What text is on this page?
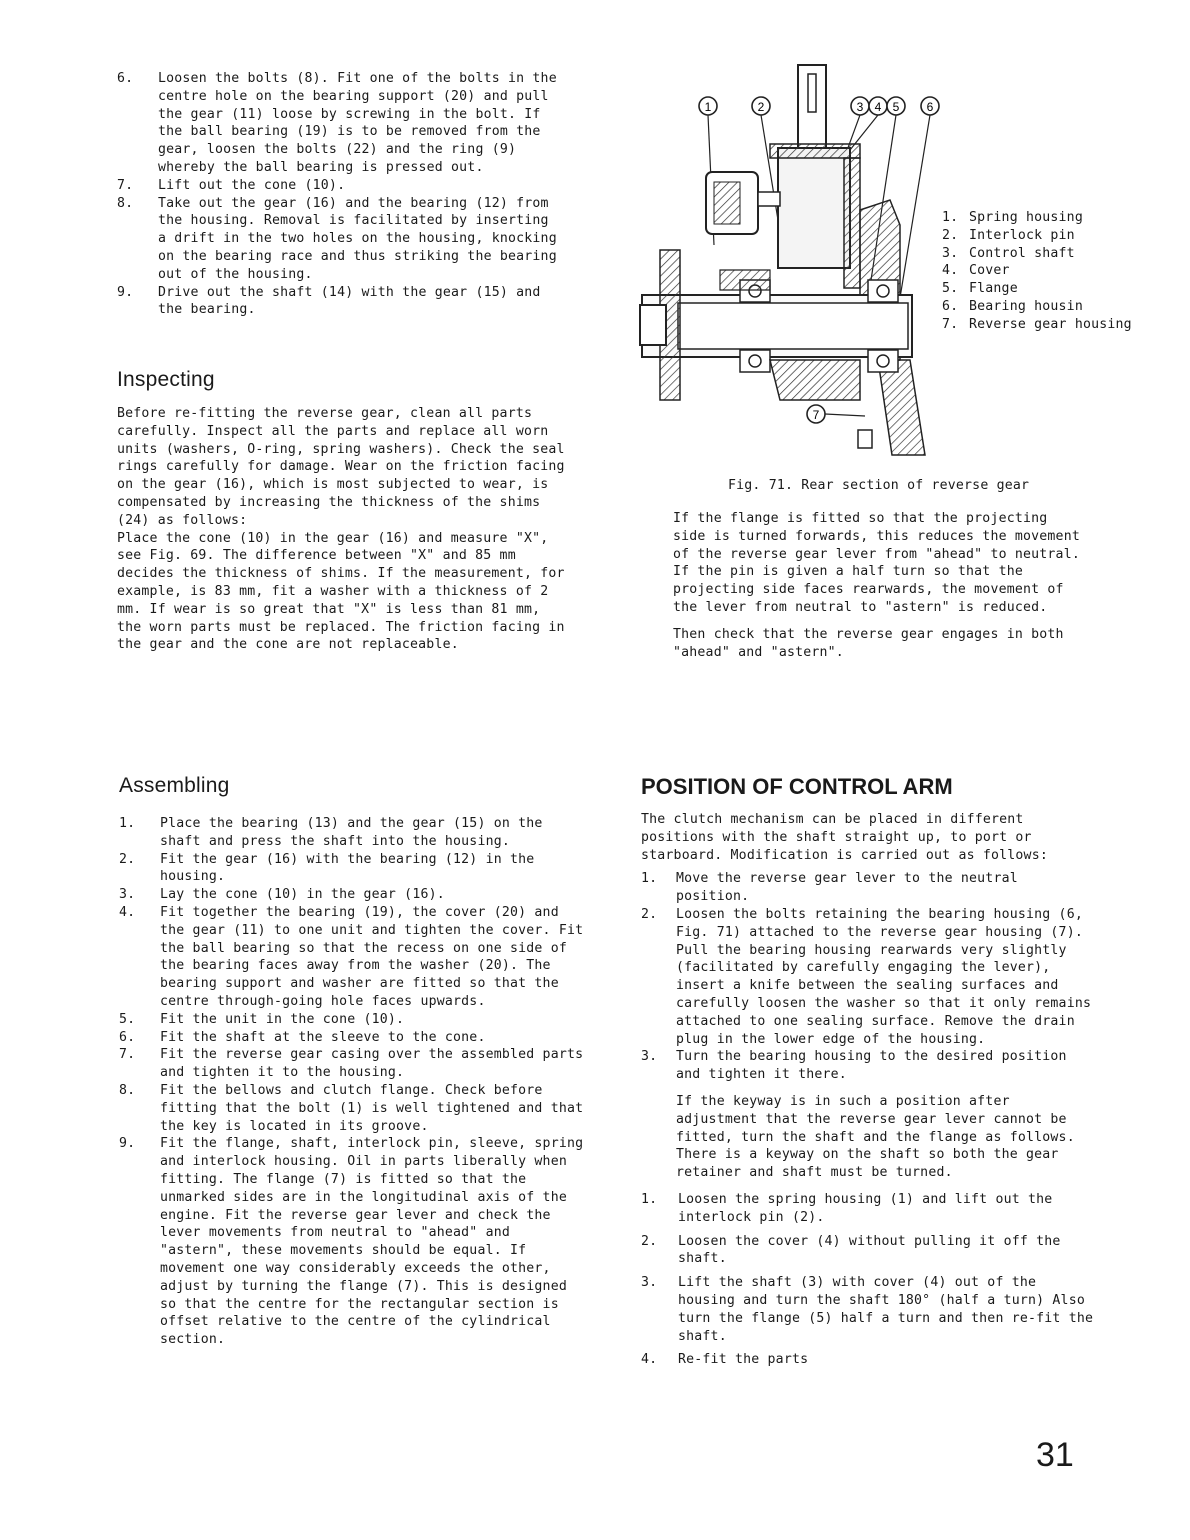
6. Loosen the bolts (8). Fit one of the bolts in the centre hole on the bearing support (20) and pull the gear (11) loose by screwing in the bolt. If the ball bearing (19) is to be removed from the gear, loosen the bolts (22) and the ring (9) whereby the ball bearing is pressed out.
7. Lift out the cone (10).
8. Take out the gear (16) and the bearing (12) from the housing. Removal is facilitated by inserting a drift in the two holes on the housing, knocking on the bearing race and thus striking the bearing out of the housing.
9. Drive out the shaft (14) with the gear (15) and the bearing.
Inspecting

Before re-fitting the reverse gear, clean all parts carefully. Inspect all the parts and replace all worn units (washers, O-ring, spring washers). Check the seal rings carefully for damage. Wear on the friction facing on the gear (16), which is most subjected to wear, is compensated by increasing the thickness of the shims (24) as follows:

Place the cone (10) in the gear (16) and measure "X", see Fig. 69. The difference between "X" and 85 mm decides the thickness of shims. If the measurement, for example, is 83 mm, fit a washer with a thickness of 2 mm. If wear is so great that "X" is less than 81 mm, the worn parts must be replaced. The friction facing in the gear and the cone are not replaceable.

1	2	3 4 5 6
7
1. Spring housing
2. Interlock pin
3. Control shaft
4. Cover
5. Flange
6. Bearing housin
7. Reverse gear housing
Fig. 71. Rear section of reverse gear

If the flange is fitted so that the projecting side is turned forwards, this reduces the movement of the reverse gear lever from "ahead" to neutral. If the pin is given a half turn so that the projecting side faces rearwards, the movement of the lever from neutral to "astern" is reduced.

Then check that the reverse gear engages in both "ahead" and "astern".

Assembling
1. Place the bearing (13) and the gear (15) on the shaft and press the shaft into the housing.
2. Fit the gear (16) with the bearing (12) in the housing.
3. Lay the cone (10) in the gear (16).
4. Fit together the bearing (19), the cover (20) and the gear (11) to one unit and tighten the cover. Fit the ball bearing so that the recess on one side of the bearing faces away from the washer (20). The bearing support and washer are fitted so that the centre through-going hole faces upwards.
5. Fit the unit in the cone (10).
6. Fit the shaft at the sleeve to the cone.
7. Fit the reverse gear casing over the assembled parts and tighten it to the housing.
8. Fit the bellows and clutch flange. Check before fitting that the bolt (1) is well tightened and that the key is located in its groove.
9. Fit the flange, shaft, interlock pin, sleeve, spring and interlock housing. Oil in parts liberally when fitting. The flange (7) is fitted so that the unmarked sides are in the longitudinal axis of the engine. Fit the reverse gear lever and check the lever movements from neutral to "ahead" and "astern", these movements should be equal. If movement one way considerably exceeds the other, adjust by turning the flange (7). This is designed so that the centre for the rectangular section is offset relative to the centre of the cylindrical section.
POSITION OF CONTROL ARM

The clutch mechanism can be placed in different positions with the shaft straight up, to port or starboard. Modification is carried out as follows:

1. Move the reverse gear lever to the neutral position.
2. Loosen the bolts retaining the bearing housing (6, Fig. 71) attached to the reverse gear housing (7). Pull the bearing housing rearwards very slightly (facilitated by carefully engaging the lever), insert a knife between the sealing surfaces and carefully loosen the washer so that it only remains attached to one sealing surface. Remove the drain plug in the lower edge of the housing.
3. Turn the bearing housing to the desired position and tighten it there.

If the keyway is in such a position after adjustment that the reverse gear lever cannot be fitted, turn the shaft and the flange as follows. There is a keyway on the shaft so both the gear retainer and shaft must be turned.

1. Loosen the spring housing (1) and lift out the interlock pin (2).
2. Loosen the cover (4) without pulling it off the shaft.
3. Lift the shaft (3) with cover (4) out of the housing and turn the shaft 180° (half a turn) Also turn the flange (5) half a turn and then re-fit the shaft.
4. Re-fit the parts
31
